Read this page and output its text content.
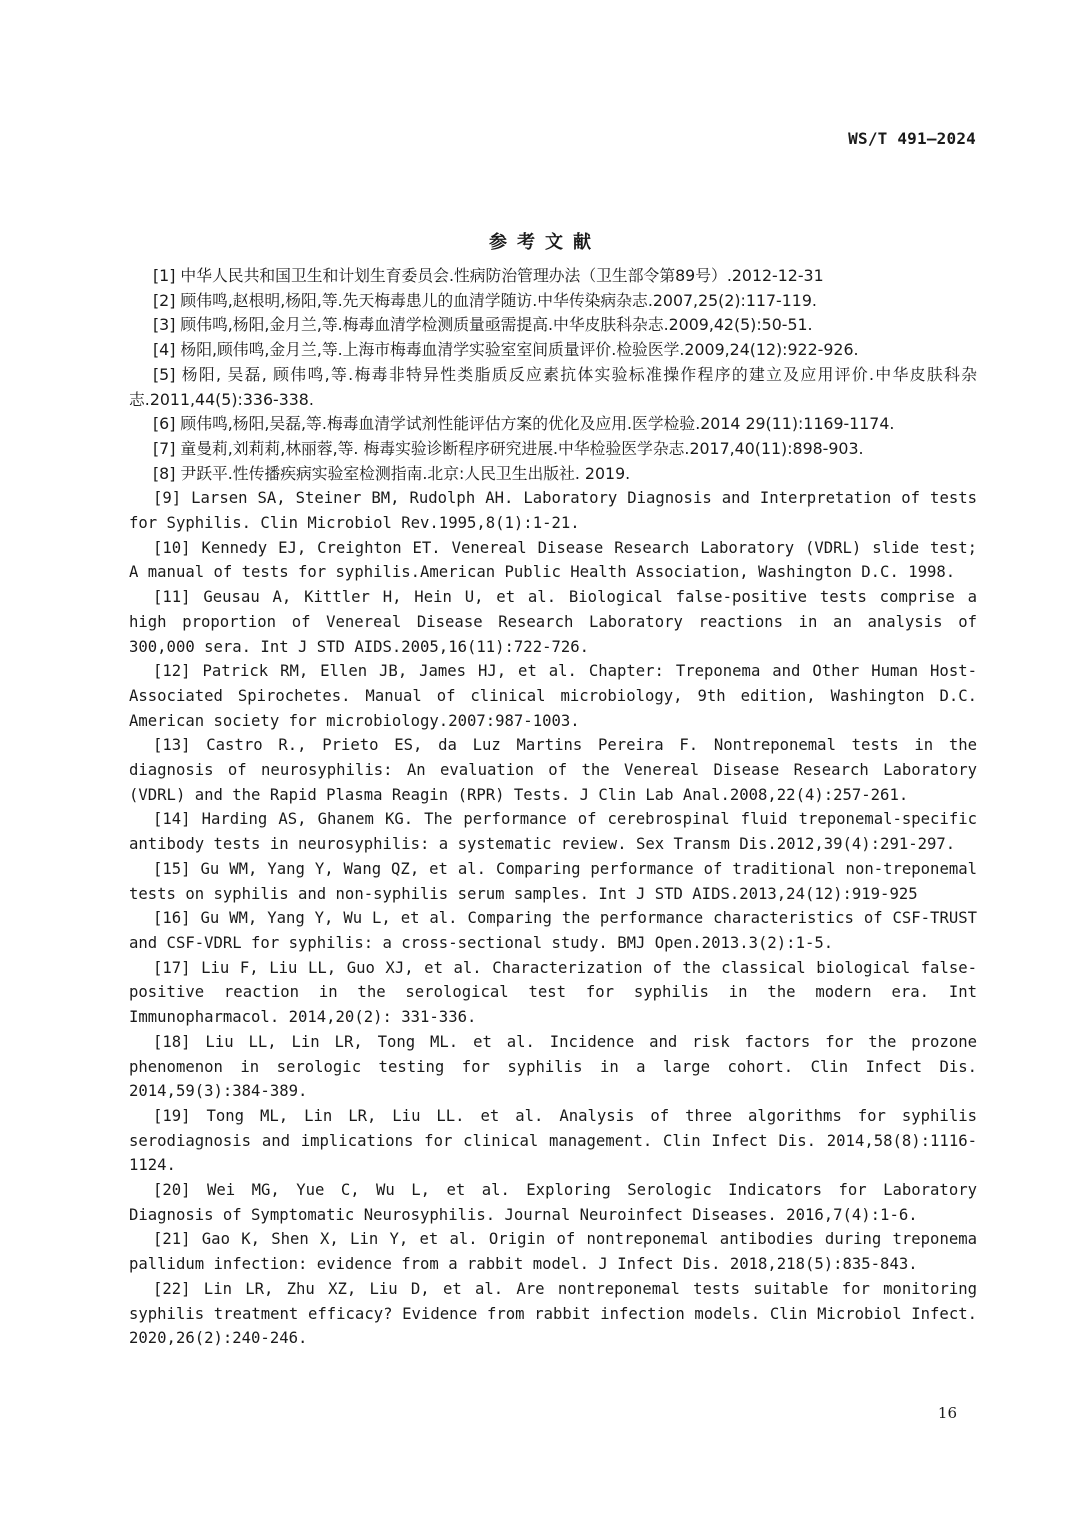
WS/T 491—2024
参考文献
[1] 中华人民共和国卫生和计划生育委员会.性病防治管理办法（卫生部令第89号）.2012-12-31
[2] 顾伟鸣,赵根明,杨阳,等.先天梅毒患儿的血清学随访.中华传染病杂志.2007,25(2):117-119.
[3] 顾伟鸣,杨阳,金月兰,等.梅毒血清学检测质量亟需提高.中华皮肤科杂志.2009,42(5):50-51.
[4] 杨阳,顾伟鸣,金月兰,等.上海市梅毒血清学实验室室间质量评价.检验医学.2009,24(12):922-926.
[5] 杨阳, 吴磊, 顾伟鸣,等.梅毒非特异性类脂质反应素抗体实验标准操作程序的建立及应用评价.中华皮肤科杂志.2011,44(5):336-338.
[6] 顾伟鸣,杨阳,吴磊,等.梅毒血清学试剂性能评估方案的优化及应用.医学检验.2014 29(11):1169-1174.
[7] 童曼莉,刘莉莉,林丽蓉,等. 梅毒实验诊断程序研究进展.中华检验医学杂志.2017,40(11):898-903.
[8] 尹跃平.性传播疾病实验室检测指南.北京:人民卫生出版社. 2019.
[9] Larsen SA, Steiner BM, Rudolph AH. Laboratory Diagnosis and Interpretation of tests for Syphilis. Clin Microbiol Rev.1995,8(1):1-21.
[10] Kennedy EJ, Creighton ET. Venereal Disease Research Laboratory (VDRL) slide test; A manual of tests for syphilis.American Public Health Association, Washington D.C. 1998.
[11] Geusau A, Kittler H, Hein U, et al. Biological false-positive tests comprise a high proportion of Venereal Disease Research Laboratory reactions in an analysis of 300,000 sera. Int J STD AIDS.2005,16(11):722-726.
[12] Patrick RM, Ellen JB, James HJ, et al. Chapter: Treponema and Other Human Host-Associated Spirochetes. Manual of clinical microbiology, 9th edition, Washington D.C. American society for microbiology.2007:987-1003.
[13] Castro R., Prieto ES, da Luz Martins Pereira F. Nontreponemal tests in the diagnosis of neurosyphilis: An evaluation of the Venereal Disease Research Laboratory (VDRL) and the Rapid Plasma Reagin (RPR) Tests. J Clin Lab Anal.2008,22(4):257-261.
[14] Harding AS, Ghanem KG. The performance of cerebrospinal fluid treponemal-specific antibody tests in neurosyphilis: a systematic review. Sex Transm Dis.2012,39(4):291-297.
[15] Gu WM, Yang Y, Wang QZ, et al. Comparing performance of traditional non-treponemal tests on syphilis and non-syphilis serum samples. Int J STD AIDS.2013,24(12):919-925
[16] Gu WM, Yang Y, Wu L, et al. Comparing the performance characteristics of CSF-TRUST and CSF-VDRL for syphilis: a cross-sectional study. BMJ Open.2013.3(2):1-5.
[17] Liu F, Liu LL, Guo XJ, et al. Characterization of the classical biological false-positive reaction in the serological test for syphilis in the modern era. Int Immunopharmacol. 2014,20(2): 331-336.
[18] Liu LL, Lin LR, Tong ML. et al. Incidence and risk factors for the prozone phenomenon in serologic testing for syphilis in a large cohort. Clin Infect Dis. 2014,59(3):384-389.
[19] Tong ML, Lin LR, Liu LL. et al. Analysis of three algorithms for syphilis serodiagnosis and implications for clinical management. Clin Infect Dis. 2014,58(8):1116-1124.
[20] Wei MG, Yue C, Wu L, et al. Exploring Serologic Indicators for Laboratory Diagnosis of Symptomatic Neurosyphilis. Journal Neuroinfect Diseases. 2016,7(4):1-6.
[21] Gao K, Shen X, Lin Y, et al. Origin of nontreponemal antibodies during treponema pallidum infection: evidence from a rabbit model. J Infect Dis. 2018,218(5):835-843.
[22] Lin LR, Zhu XZ, Liu D, et al. Are nontreponemal tests suitable for monitoring syphilis treatment efficacy? Evidence from rabbit infection models. Clin Microbiol Infect. 2020,26(2):240-246.
16
